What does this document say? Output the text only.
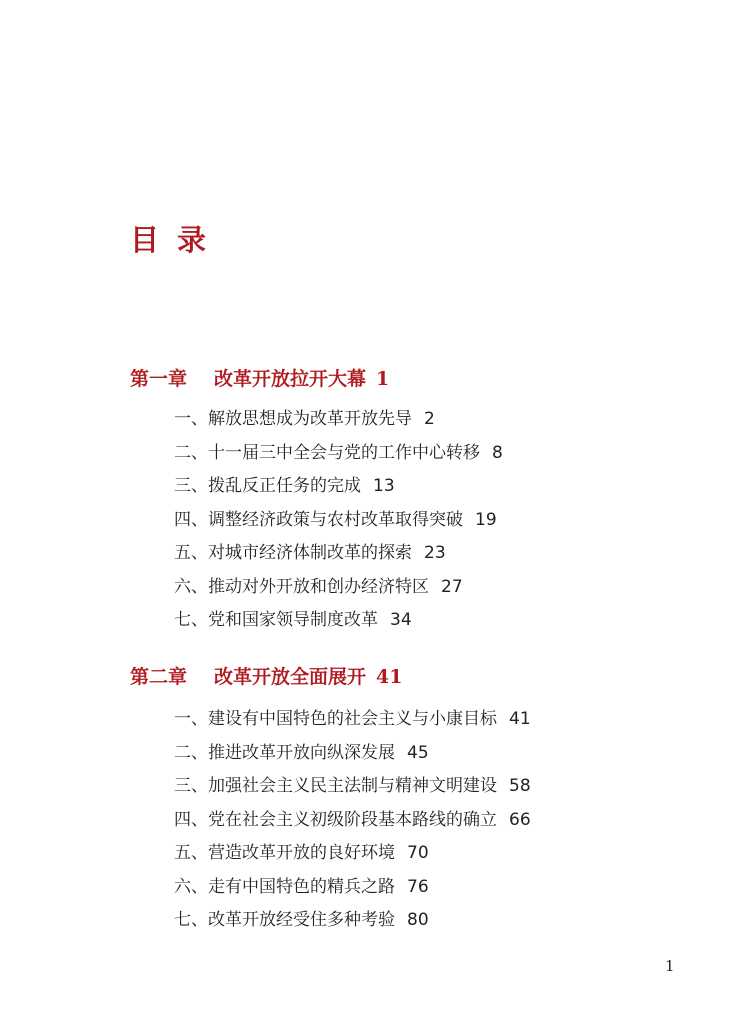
目录
第一章 改革开放拉开大幕 1
一、解放思想成为改革开放先导 2
二、十一届三中全会与党的工作中心转移 8
三、拨乱反正任务的完成 13
四、调整经济政策与农村改革取得突破 19
五、对城市经济体制改革的探索 23
六、推动对外开放和创办经济特区 27
七、党和国家领导制度改革 34
第二章 改革开放全面展开 41
一、建设有中国特色的社会主义与小康目标 41
二、推进改革开放向纵深发展 45
三、加强社会主义民主法制与精神文明建设 58
四、党在社会主义初级阶段基本路线的确立 66
五、营造改革开放的良好环境 70
六、走有中国特色的精兵之路 76
七、改革开放经受住多种考验 80
1
